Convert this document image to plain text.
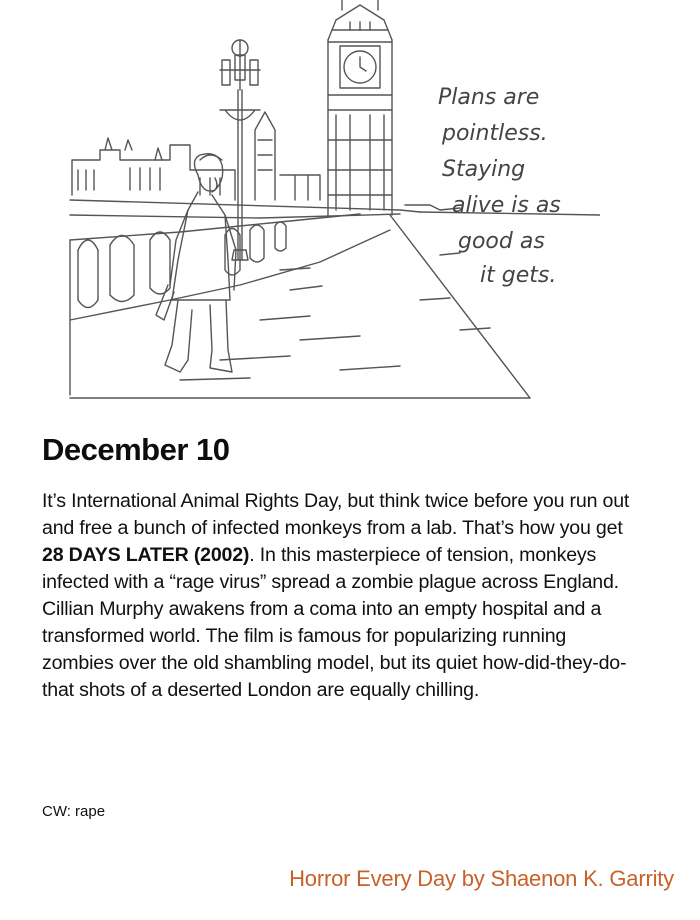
Plans are
pointless.
Staying
alive is as
good as
it gets.
December 10

It’s International Animal Rights Day, but think twice before you run out and free a bunch of infected monkeys from a lab. That’s how you get 28 DAYS LATER (2002). In this masterpiece of tension, monkeys infected with a “rage virus” spread a zombie plague across England. Cillian Murphy awakens from a coma into an empty hospital and a transformed world. The film is famous for popularizing running zombies over the old shambling model, but its quiet how-did-they-do-that shots of a deserted London are equally chilling.

CW: rape
Horror Every Day by Shaenon K. Garrity
